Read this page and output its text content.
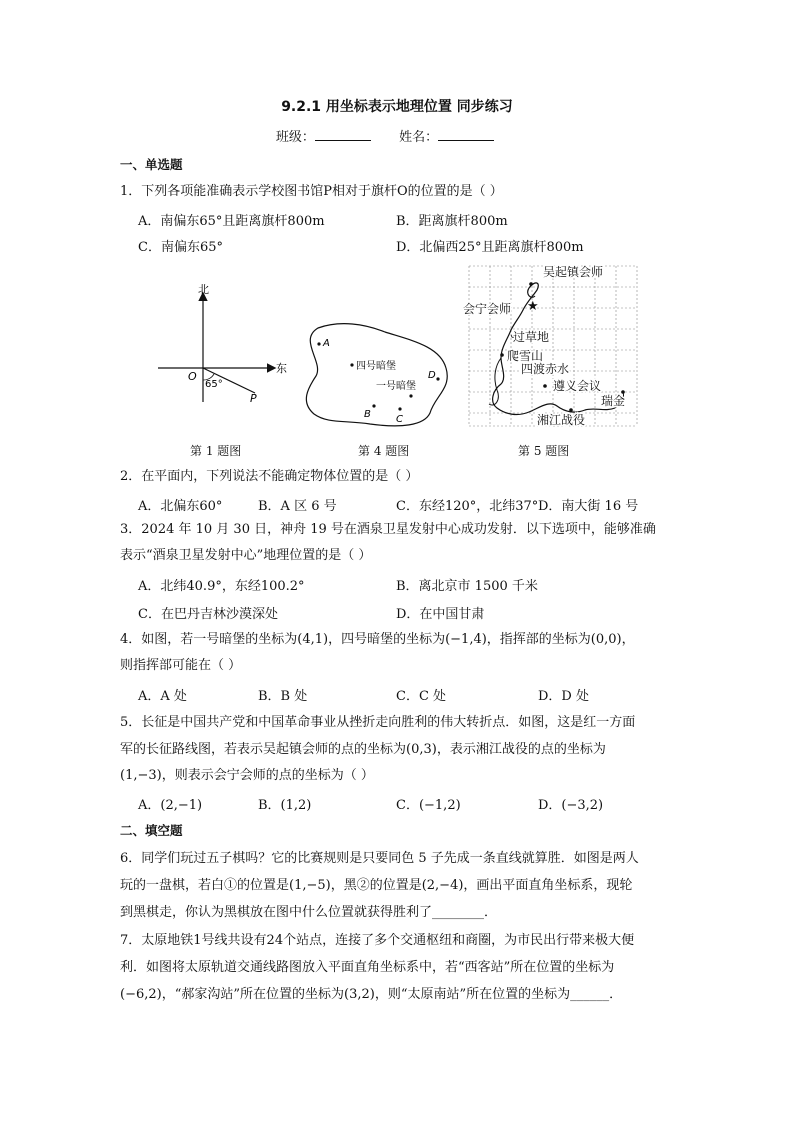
9.2.1 用坐标表示地理位置 同步练习
班级：	姓名：
一、单选题
1．下列各项能准确表示学校图书馆P相对于旗杆O的位置的是（ ）
A．南偏东65°且距离旗杆800m	B．距离旗杆800m
C．南偏东65°	D．北偏西25°且距离旗杆800m
北
东
O
P
65°
第 1 题图
A
四号暗堡
D
一号暗堡
B	C
第 4 题图
吴起镇会师
★
会宁会师
过草地
爬雪山
四渡赤水
遵义会议
瑞金
湘江战役
第 5 题图
2．在平面内，下列说法不能确定物体位置的是（ ）
A．北偏东60°	B．A 区 6 号	C．东经120°，北纬37° D．南大街 16 号
3．2024 年 10 月 30 日，神舟 19 号在酒泉卫星发射中心成功发射．以下选项中，能够准确
表示“酒泉卫星发射中心”地理位置的是（ ）
A．北纬40.9°，东经100.2°	B．离北京市 1500 千米
C．在巴丹吉林沙漠深处	D．在中国甘肃
4．如图，若一号暗堡的坐标为(4,1)，四号暗堡的坐标为(−1,4)，指挥部的坐标为(0,0)，
则指挥部可能在（ ）
A．A 处	B．B 处	C．C 处	D．D 处
5．长征是中国共产党和中国革命事业从挫折走向胜利的伟大转折点．如图，这是红一方面
军的长征路线图，若表示吴起镇会师的点的坐标为(0,3)，表示湘江战役的点的坐标为
(1,−3)，则表示会宁会师的点的坐标为（ ）
A．(2,−1)	B．(1,2)	C．(−1,2)	D．(−3,2)
二、填空题
6．同学们玩过五子棋吗？它的比赛规则是只要同色 5 子先成一条直线就算胜．如图是两人
玩的一盘棋，若白①的位置是(1,−5)，黑②的位置是(2,−4)，画出平面直角坐标系，现轮
到黑棋走，你认为黑棋放在图中什么位置就获得胜利了________．
7．太原地铁1号线共设有24个站点，连接了多个交通枢纽和商圈，为市民出行带来极大便
利．如图将太原轨道交通线路图放入平面直角坐标系中，若“西客站”所在位置的坐标为
(−6,2)，“郝家沟站”所在位置的坐标为(3,2)，则“太原南站”所在位置的坐标为______．
